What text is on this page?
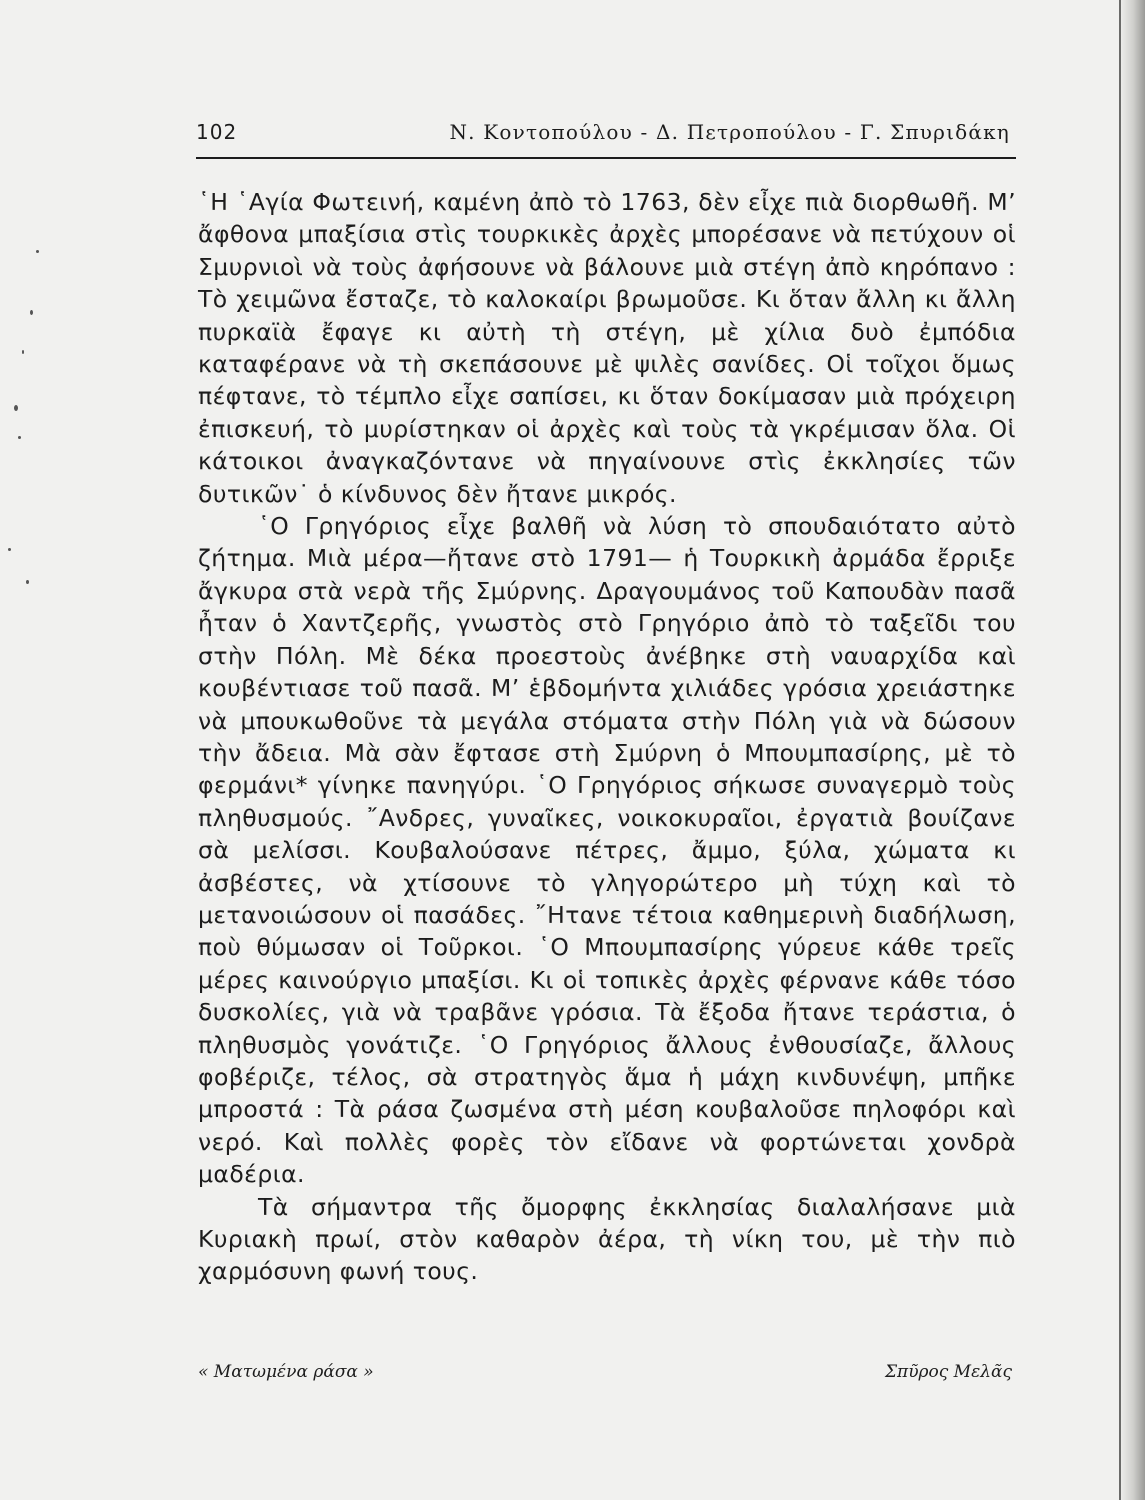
102	Ν. Κοντοπούλου - Δ. Πετροπούλου - Γ. Σπυριδάκη

῾Η ῾Αγία Φωτεινή, καμένη ἀπὸ τὸ 1763, δὲν εἶχε πιὰ διορθωθῆ. Μ’ ἄφθονα μπαξίσια στὶς τουρκικὲς ἀρχὲς μπορέσανε νὰ πετύχουν οἱ Σμυρνιοὶ νὰ τοὺς ἀφήσουνε νὰ βάλουνε μιὰ στέγη ἀπὸ κηρόπανο : Τὸ χειμῶνα ἔσταζε, τὸ καλοκαίρι βρωμοῦσε. Κι ὅταν ἄλλη κι ἄλλη πυρκαϊὰ ἔφαγε κι αὐτὴ τὴ στέγη, μὲ χίλια δυὸ ἐμπόδια καταφέρανε νὰ τὴ σκεπάσουνε μὲ ψιλὲς σανίδες. Οἱ τοῖχοι ὅμως πέφτανε, τὸ τέμπλο εἶχε σαπίσει, κι ὅταν δοκίμασαν μιὰ πρόχειρη ἐπισκευή, τὸ μυρίστηκαν οἱ ἀρχὲς καὶ τοὺς τὰ γκρέμισαν ὅλα. Οἱ κάτοικοι ἀναγκαζόντανε νὰ πηγαίνουνε στὶς ἐκκλησίες τῶν δυτικῶν˙ ὁ κίνδυνος δὲν ἤτανε μικρός.

῾Ο Γρηγόριος εἶχε βαλθῆ νὰ λύση τὸ σπουδαιότατο αὐτὸ ζήτημα. Μιὰ μέρα—ἤτανε στὸ 1791— ἡ Τουρκικὴ ἀρμάδα ἔρριξε ἄγκυρα στὰ νερὰ τῆς Σμύρνης. Δραγουμάνος τοῦ Καπουδὰν πασᾶ ἦταν ὁ Χαντζερῆς, γνωστὸς στὸ Γρηγόριο ἀπὸ τὸ ταξεῖδι του στὴν Πόλη. Μὲ δέκα προεστοὺς ἀνέβηκε στὴ ναυαρχίδα καὶ κουβέντιασε τοῦ πασᾶ. Μ’ ἑβδομήντα χιλιάδες γρόσια χρειάστηκε νὰ μπουκωθοῦνε τὰ μεγάλα στόματα στὴν Πόλη γιὰ νὰ δώσουν τὴν ἄδεια. Μὰ σὰν ἔφτασε στὴ Σμύρνη ὁ Μπουμπασίρης, μὲ τὸ φερμάνι* γίνηκε πανηγύρι. ῾Ο Γρηγόριος σήκωσε συναγερμὸ τοὺς πληθυσμούς. ῎Ανδρες, γυναῖκες, νοικοκυραῖοι, ἐργατιὰ βουίζανε σὰ μελίσσι. Κουβαλούσανε πέτρες, ἄμμο, ξύλα, χώματα κι ἀσβέστες, νὰ χτίσουνε τὸ γληγορώτερο μὴ τύχη καὶ τὸ μετανοιώσουν οἱ πασάδες. ῎Ητανε τέτοια καθημερινὴ διαδήλωση, ποὺ θύμωσαν οἱ Τοῦρκοι. ῾Ο Μπουμπασίρης γύρευε κάθε τρεῖς μέρες καινούργιο μπαξίσι. Κι οἱ τοπικὲς ἀρχὲς φέρνανε κάθε τόσο δυσκολίες, γιὰ νὰ τραβᾶνε γρόσια. Τὰ ἔξοδα ἤτανε τεράστια, ὁ πληθυσμὸς γονάτιζε. ῾Ο Γρηγόριος ἄλλους ἐνθουσίαζε, ἄλλους φοβέριζε, τέλος, σὰ στρατηγὸς ἅμα ἡ μάχη κινδυνέψη, μπῆκε μπροστά : Τὰ ράσα ζωσμένα στὴ μέση κουβαλοῦσε πηλοφόρι καὶ νερό. Καὶ πολλὲς φορὲς τὸν εἴδανε νὰ φορτώνεται χονδρὰ μαδέρια.

Τὰ σήμαντρα τῆς ὄμορφης ἐκκλησίας διαλαλήσανε μιὰ Κυριακὴ πρωί, στὸν καθαρὸν ἀέρα, τὴ νίκη του, μὲ τὴν πιὸ χαρμόσυνη φωνή τους.

« Ματωμένα ράσα »	Σπῦρος Μελᾶς
